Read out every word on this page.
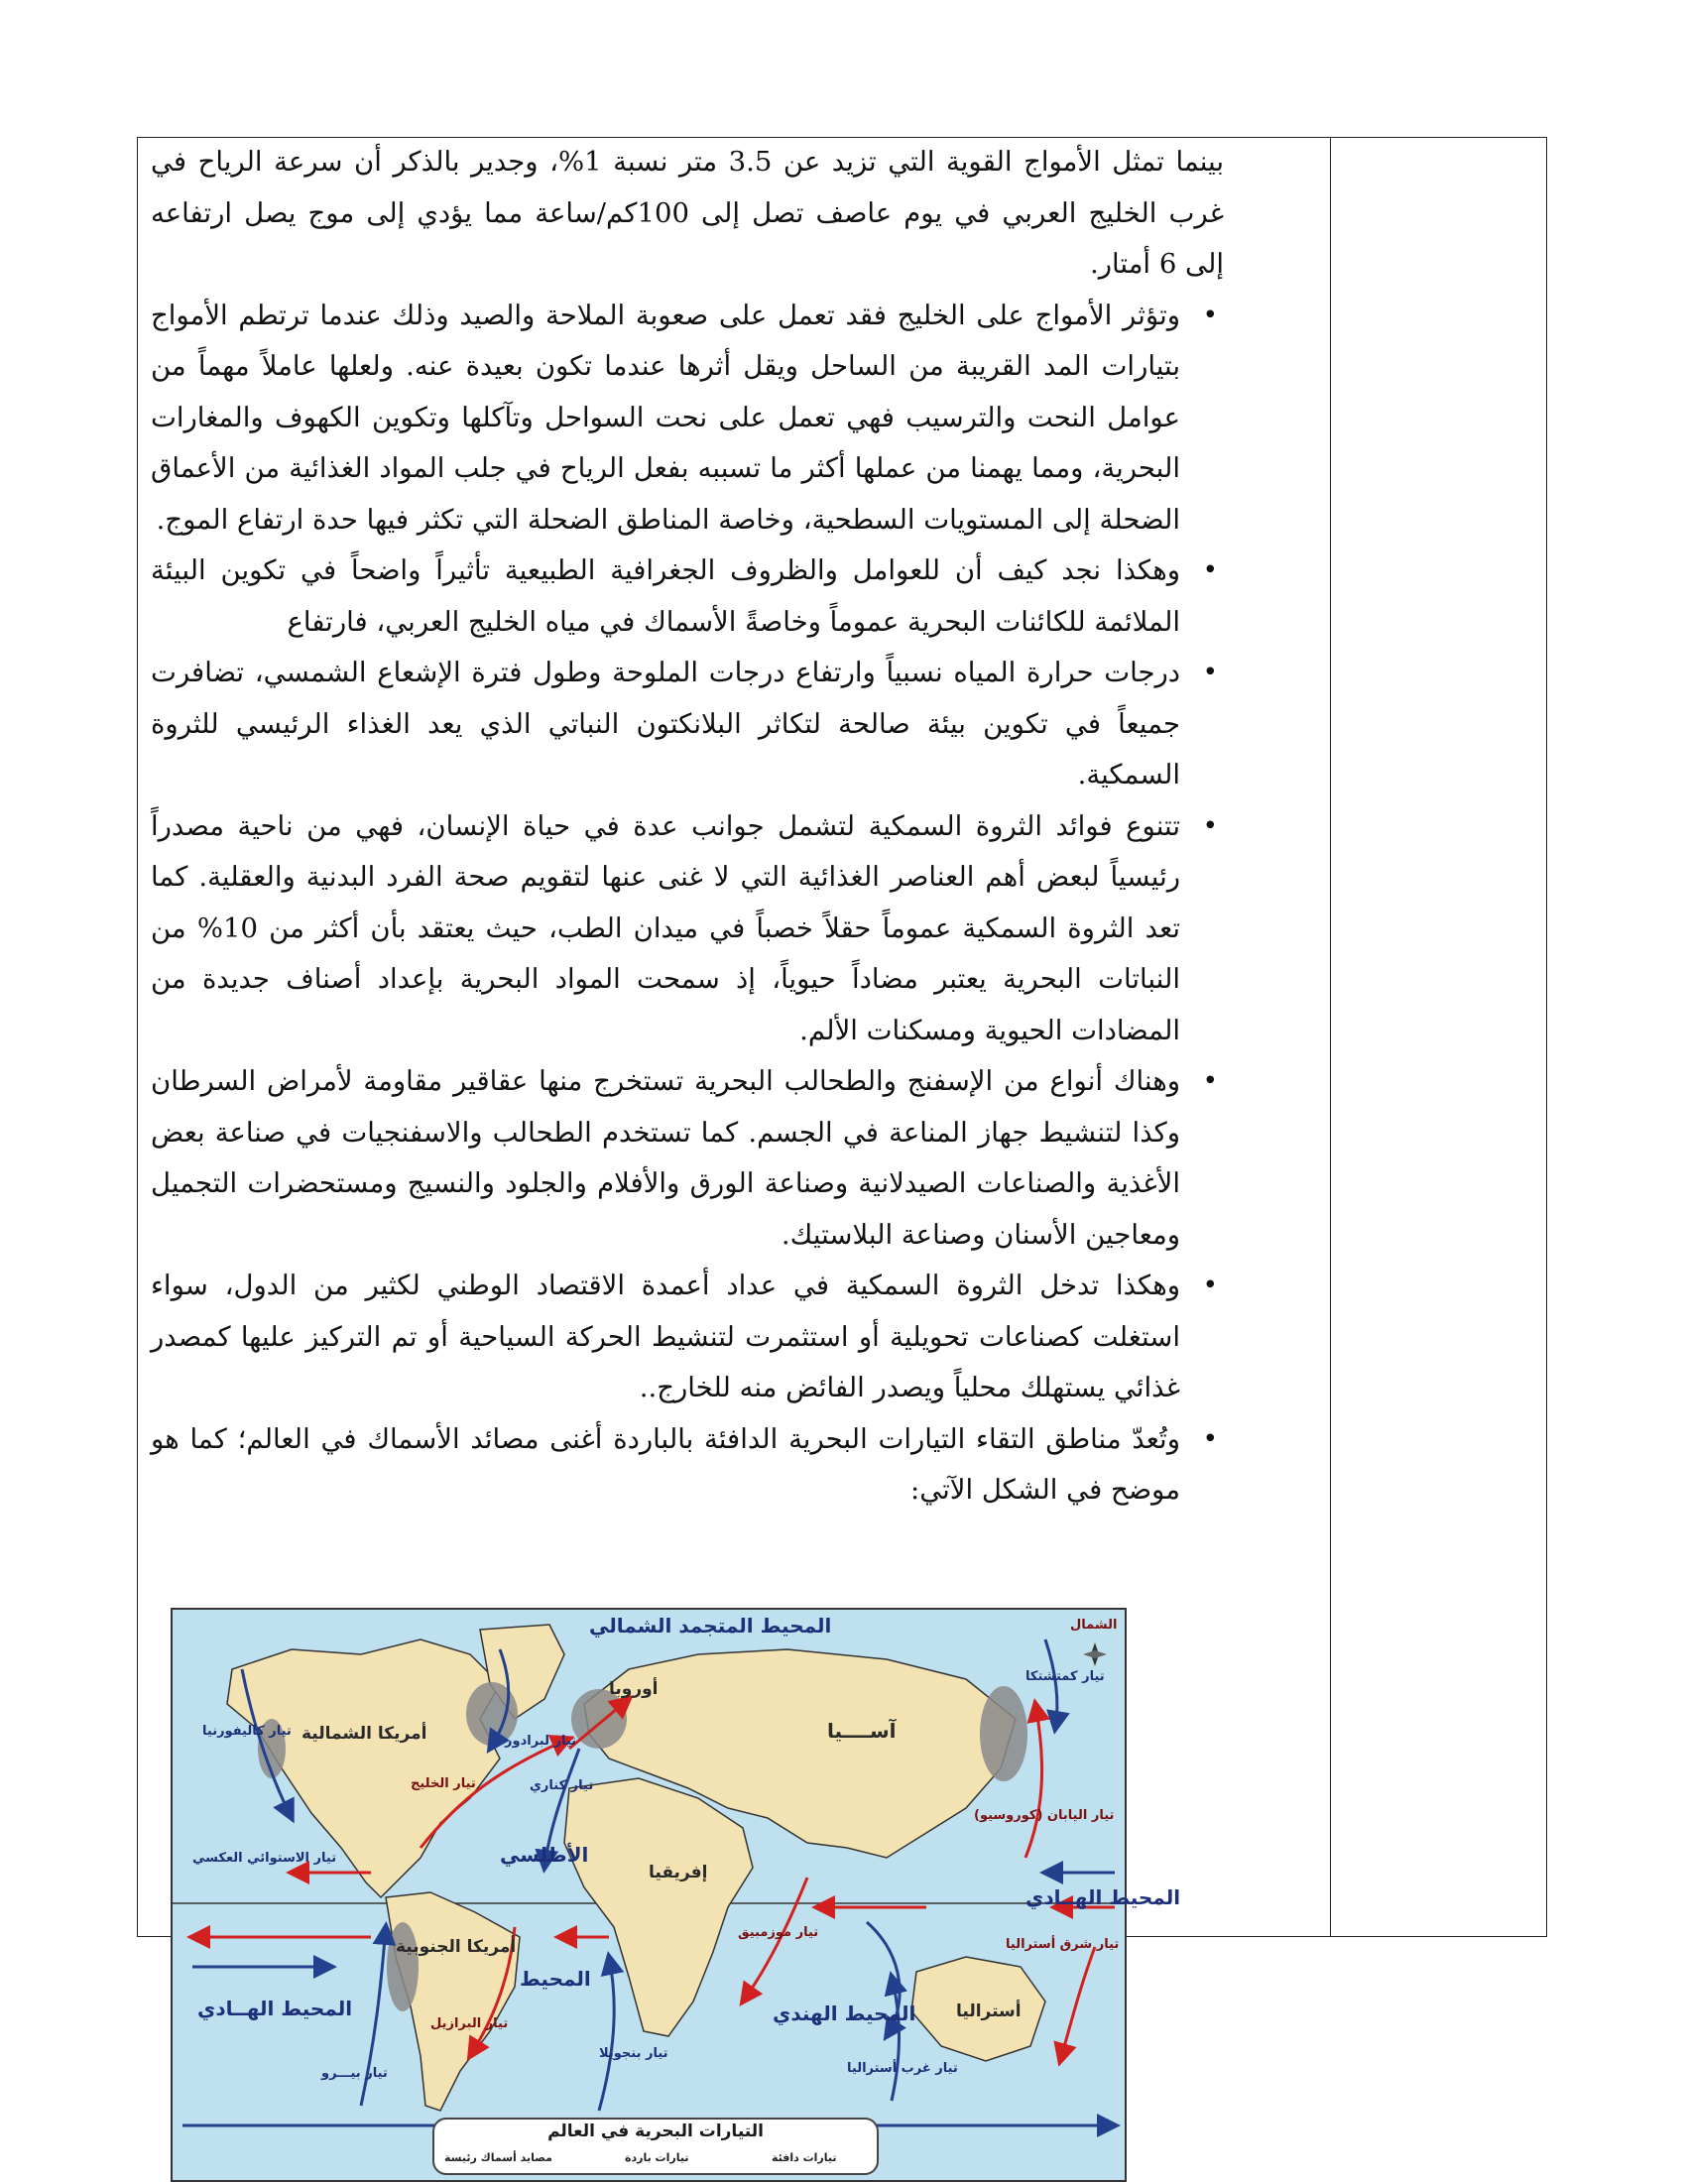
بينما تمثل الأمواج القوية التي تزيد عن 3.5 متر نسبة 1%، وجدير بالذكر أن سرعة الرياح في غرب الخليج العربي في يوم عاصف تصل إلى 100كم/ساعة مما يؤدي إلى موج يصل ارتفاعه إلى 6 أمتار.

• وتؤثر الأمواج على الخليج فقد تعمل على صعوبة الملاحة والصيد وذلك عندما ترتطم الأمواج بتيارات المد القريبة من الساحل ويقل أثرها عندما تكون بعيدة عنه. ولعلها عاملاً مهماً من عوامل النحت والترسيب فهي تعمل على نحت السواحل وتآكلها وتكوين الكهوف والمغارات البحرية، ومما يهمنا من عملها أكثر ما تسببه بفعل الرياح في جلب المواد الغذائية من الأعماق الضحلة إلى المستويات السطحية، وخاصة المناطق الضحلة التي تكثر فيها حدة ارتفاع الموج.
• وهكذا نجد كيف أن للعوامل والظروف الجغرافية الطبيعية تأثيراً واضحاً في تكوين البيئة الملائمة للكائنات البحرية عموماً وخاصةً الأسماك في مياه الخليج العربي، فارتفاع
• درجات حرارة المياه نسبياً وارتفاع درجات الملوحة وطول فترة الإشعاع الشمسي، تضافرت جميعاً في تكوين بيئة صالحة لتكاثر البلانكتون النباتي الذي يعد الغذاء الرئيسي للثروة السمكية.
• تتنوع فوائد الثروة السمكية لتشمل جوانب عدة في حياة الإنسان، فهي من ناحية مصدراً رئيسياً لبعض أهم العناصر الغذائية التي لا غنى عنها لتقويم صحة الفرد البدنية والعقلية. كما تعد الثروة السمكية عموماً حقلاً خصباً في ميدان الطب، حيث يعتقد بأن أكثر من 10% من النباتات البحرية يعتبر مضاداً حيوياً، إذ سمحت المواد البحرية بإعداد أصناف جديدة من المضادات الحيوية ومسكنات الألم.
• وهناك أنواع من الإسفنج والطحالب البحرية تستخرج منها عقاقير مقاومة لأمراض السرطان وكذا لتنشيط جهاز المناعة في الجسم. كما تستخدم الطحالب والاسفنجيات في صناعة بعض الأغذية والصناعات الصيدلانية وصناعة الورق والأفلام والجلود والنسيج ومستحضرات التجميل ومعاجين الأسنان وصناعة البلاستيك.
• وهكذا تدخل الثروة السمكية في عداد أعمدة الاقتصاد الوطني لكثير من الدول، سواء استغلت كصناعات تحويلية أو استثمرت لتنشيط الحركة السياحية أو تم التركيز عليها كمصدر غذائي يستهلك محلياً ويصدر الفائض منه للخارج..
• وتُعدّ مناطق التقاء التيارات البحرية الدافئة بالباردة أغنى مصائد الأسماك في العالم؛ كما هو موضح في الشكل الآتي:
المحيط المتجمد الشمالي
المحيط الهــادي
المحيط الهــادي
الأطلسي
المحيط
المحيط الهندي
أمريكا الشمالية
أمريكا الجنوبية
أوروبا
آســــيا
إفريقيا
أستراليا
تيار اليابان (كوروسيو)
تيار كمتشتكا
تيار الخليج	تيار كناري
تيار لبرادور
تيار كاليفورنيا
تيار بيـــرو
تيار البرازيل
تيار بنجويلا
تيار موزمبيق
تيار غرب أستراليا
تيار شرق أستراليا
تيار الاستوائي العكسي
الشمال
التيارات البحرية في العالم
تيارات دافئة
تيارات باردة
مصايد أسماك رئيسة
